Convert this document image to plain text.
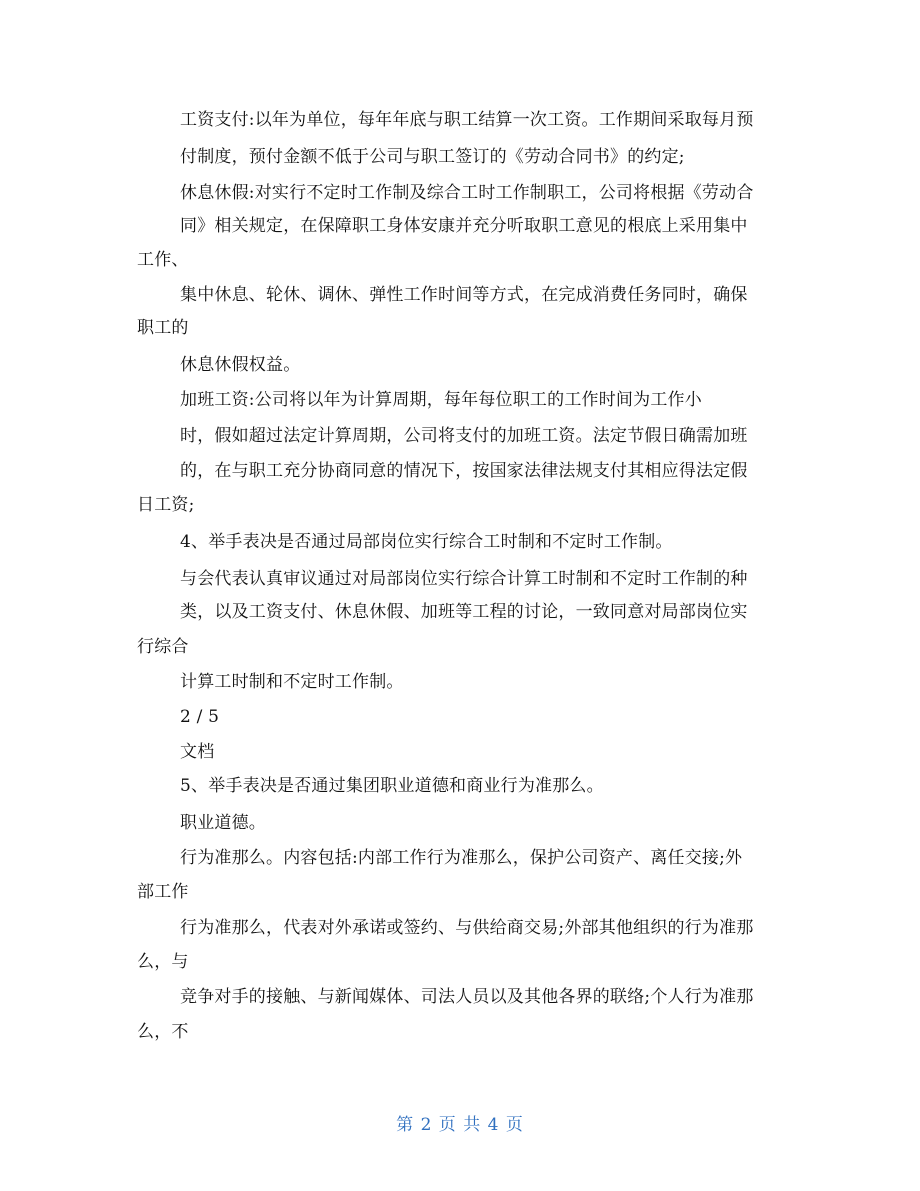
工资支付:以年为单位，每年年底与职工结算一次工资。工作期间采取每月预
付制度，预付金额不低于公司与职工签订的《劳动合同书》的约定;
休息休假:对实行不定时工作制及综合工时工作制职工，公司将根据《劳动合
同》相关规定，在保障职工身体安康并充分听取职工意见的根底上采用集中
工作、
集中休息、轮休、调休、弹性工作时间等方式，在完成消费任务同时，确保
职工的
休息休假权益。
加班工资:公司将以年为计算周期，每年每位职工的工作时间为工作小
时，假如超过法定计算周期，公司将支付的加班工资。法定节假日确需加班
的，在与职工充分协商同意的情况下，按国家法律法规支付其相应得法定假
日工资;
4、举手表决是否通过局部岗位实行综合工时制和不定时工作制。
与会代表认真审议通过对局部岗位实行综合计算工时制和不定时工作制的种
类，以及工资支付、休息休假、加班等工程的讨论，一致同意对局部岗位实
行综合
计算工时制和不定时工作制。
2 / 5
文档
5、举手表决是否通过集团职业道德和商业行为准那么。
职业道德。
行为准那么。内容包括:内部工作行为准那么，保护公司资产、离任交接;外
部工作
行为准那么，代表对外承诺或签约、与供给商交易;外部其他组织的行为准那
么，与
竞争对手的接触、与新闻媒体、司法人员以及其他各界的联络;个人行为准那
么，不
第 2 页 共 4 页
